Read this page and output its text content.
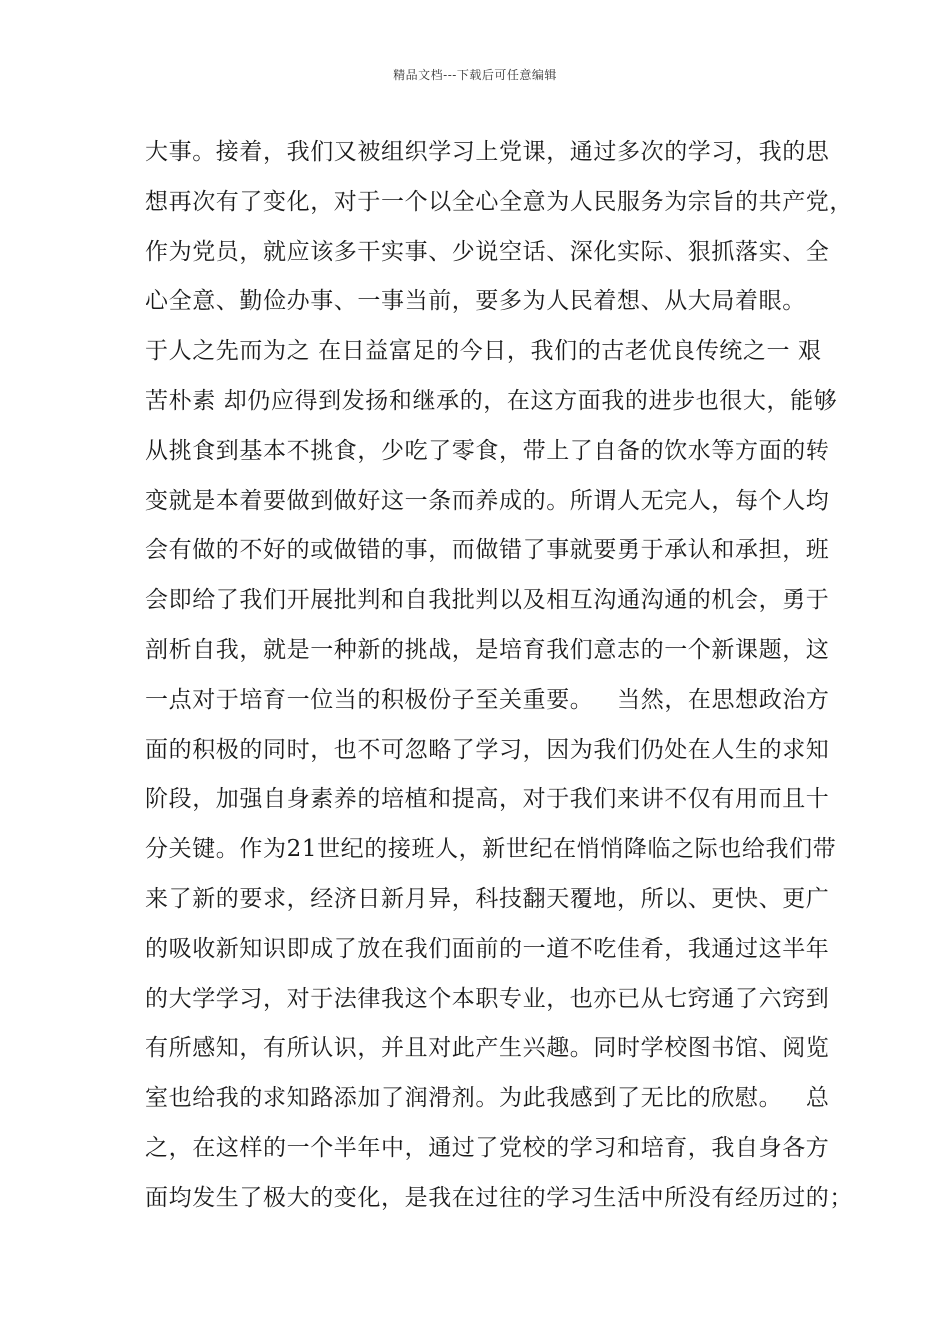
精品文档---下载后可任意编辑
大事。接着，我们又被组织学习上党课，通过多次的学习，我的思
想再次有了变化，对于一个以全心全意为人民服务为宗旨的共产党，
作为党员，就应该多干实事、少说空话、深化实际、狠抓落实、全
心全意、勤俭办事、一事当前，要多为人民着想、从大局着眼。
于人之先而为之 在日益富足的今日，我们的古老优良传统之一 艰
苦朴素 却仍应得到发扬和继承的，在这方面我的进步也很大，能够
从挑食到基本不挑食，少吃了零食，带上了自备的饮水等方面的转
变就是本着要做到做好这一条而养成的。所谓人无完人，每个人均
会有做的不好的或做错的事，而做错了事就要勇于承认和承担，班
会即给了我们开展批判和自我批判以及相互沟通沟通的机会，勇于
剖析自我，就是一种新的挑战，是培育我们意志的一个新课题，这
一点对于培育一位当的积极份子至关重要。   当然，在思想政治方
面的积极的同时，也不可忽略了学习，因为我们仍处在人生的求知
阶段，加强自身素养的培植和提高，对于我们来讲不仅有用而且十
分关键。作为21世纪的接班人，新世纪在悄悄降临之际也给我们带
来了新的要求，经济日新月异，科技翻天覆地，所以、更快、更广
的吸收新知识即成了放在我们面前的一道不吃佳肴，我通过这半年
的大学学习，对于法律我这个本职专业，也亦已从七窍通了六窍到
有所感知，有所认识，并且对此产生兴趣。同时学校图书馆、阅览
室也给我的求知路添加了润滑剂。为此我感到了无比的欣慰。   总
之，在这样的一个半年中，通过了党校的学习和培育，我自身各方
面均发生了极大的变化，是我在过往的学习生活中所没有经历过的；
